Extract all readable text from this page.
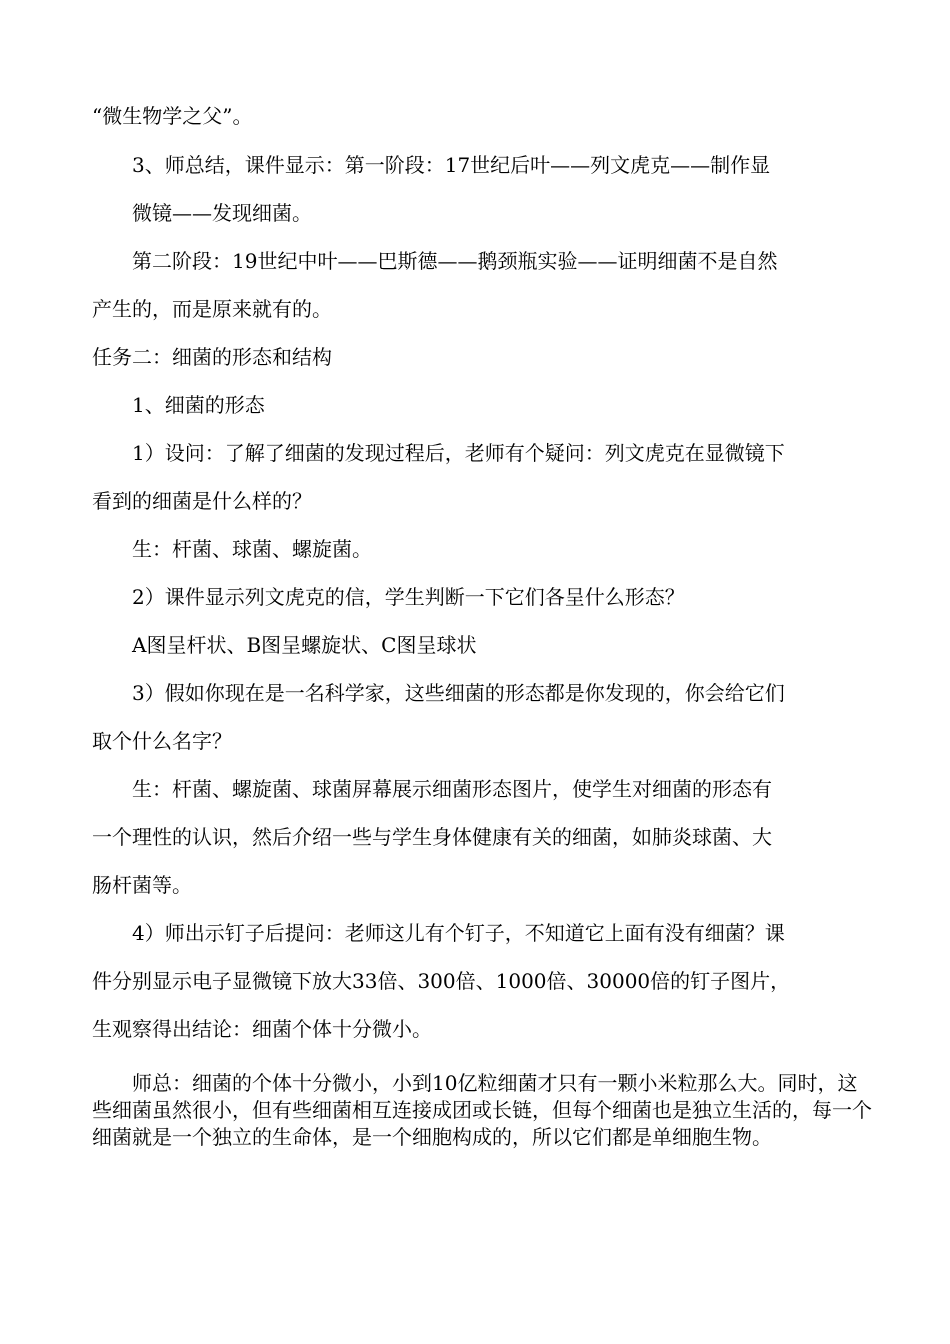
“微生物学之父”。
3、师总结，课件显示：第一阶段：17世纪后叶——列文虎克——制作显
微镜——发现细菌。
第二阶段：19世纪中叶——巴斯德——鹅颈瓶实验——证明细菌不是自然
产生的，而是原来就有的。
任务二：细菌的形态和结构
1、细菌的形态
1）设问：了解了细菌的发现过程后，老师有个疑问：列文虎克在显微镜下
看到的细菌是什么样的？
生：杆菌、球菌、螺旋菌。
2）课件显示列文虎克的信，学生判断一下它们各呈什么形态？
A图呈杆状、B图呈螺旋状、C图呈球状
3）假如你现在是一名科学家，这些细菌的形态都是你发现的，你会给它们
取个什么名字？
生：杆菌、螺旋菌、球菌屏幕展示细菌形态图片，使学生对细菌的形态有
一个理性的认识，然后介绍一些与学生身体健康有关的细菌，如肺炎球菌、大
肠杆菌等。
4）师出示钉子后提问：老师这儿有个钉子，不知道它上面有没有细菌？课
件分别显示电子显微镜下放大33倍、300倍、1000倍、30000倍的钉子图片，
生观察得出结论：细菌个体十分微小。
师总：细菌的个体十分微小，小到10亿粒细菌才只有一颗小米粒那么大。同时，这些细菌虽然很小，但有些细菌相互连接成团或长链，但每个细菌也是独立生活的，每一个细菌就是一个独立的生命体，是一个细胞构成的，所以它们都是单细胞生物。
